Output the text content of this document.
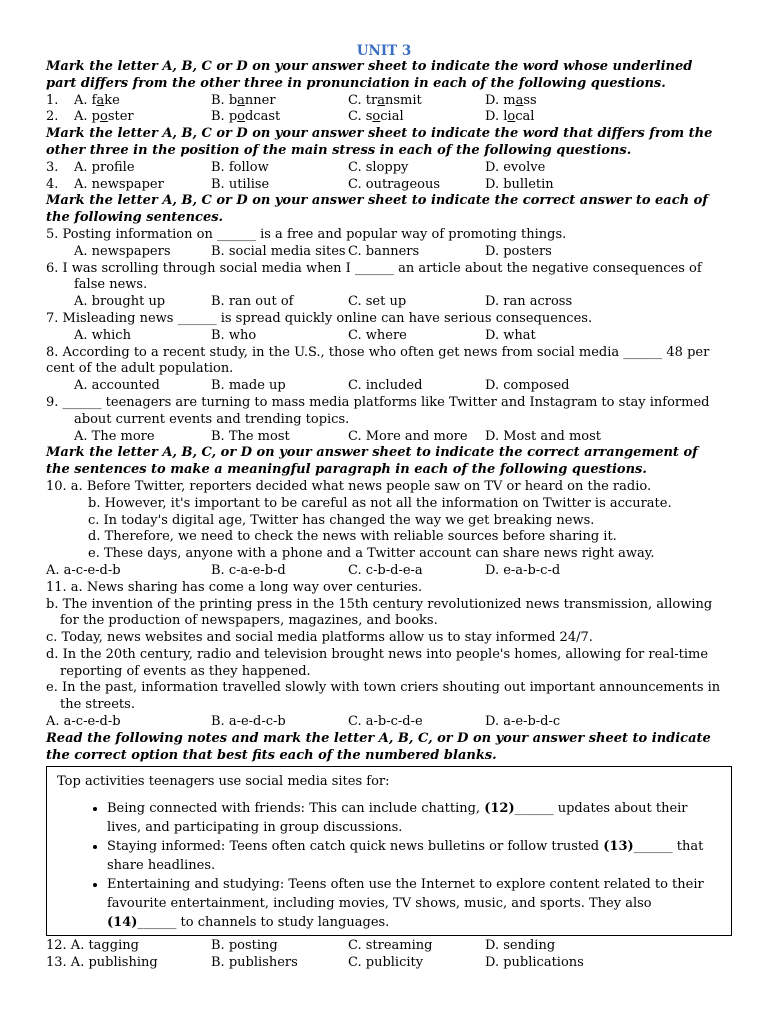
UNIT 3
Mark the letter A, B, C or D on your answer sheet to indicate the word whose underlined part differs from the other three in pronunciation in each of the following questions.
1. A. fake	B. banner	C. transmit	D. mass
2. A. poster	B. podcast	C. social	D. local
Mark the letter A, B, C or D on your answer sheet to indicate the word that differs from the other three in the position of the main stress in each of the following questions.
3. A. profile	B. follow	C. sloppy	D. evolve
4. A. newspaper	B. utilise	C. outrageous	D. bulletin
Mark the letter A, B, C or D on your answer sheet to indicate the correct answer to each of the following sentences.
5. Posting information on ______ is a free and popular way of promoting things.
A. newspapers	B. social media sites C. banners	D. posters
6. I was scrolling through social media when I ______ an article about the negative consequences of false news.
A. brought up	B. ran out of	C. set up	D. ran across
7. Misleading news ______ is spread quickly online can have serious consequences.
A. which	B. who	C. where	D. what
8. According to a recent study, in the U.S., those who often get news from social media ______ 48 per cent of the adult population.
A. accounted	B. made up	C. included	D. composed
9. ______ teenagers are turning to mass media platforms like Twitter and Instagram to stay informed about current events and trending topics.
A. The more	B. The most	C. More and more D. Most and most
Mark the letter A, B, C, or D on your answer sheet to indicate the correct arrangement of the sentences to make a meaningful paragraph in each of the following questions.
10. a. Before Twitter, reporters decided what news people saw on TV or heard on the radio.
b. However, it's important to be careful as not all the information on Twitter is accurate.
c. In today's digital age, Twitter has changed the way we get breaking news.
d. Therefore, we need to check the news with reliable sources before sharing it.
e. These days, anyone with a phone and a Twitter account can share news right away.
A. a-c-e-d-b	B. c-a-e-b-d	C. c-b-d-e-a	D. e-a-b-c-d
11. a. News sharing has come a long way over centuries.
b. The invention of the printing press in the 15th century revolutionized news transmission, allowing for the production of newspapers, magazines, and books.
c. Today, news websites and social media platforms allow us to stay informed 24/7.
d. In the 20th century, radio and television brought news into people's homes, allowing for real-time reporting of events as they happened.
e. In the past, information travelled slowly with town criers shouting out important announcements in the streets.
A. a-c-e-d-b	B. a-e-d-c-b	C. a-b-c-d-e	D. a-e-b-d-c
Read the following notes and mark the letter A, B, C, or D on your answer sheet to indicate the correct option that best fits each of the numbered blanks.
Top activities teenagers use social media sites for:
• Being connected with friends: This can include chatting, (12)______ updates about their lives, and participating in group discussions.
• Staying informed: Teens often catch quick news bulletins or follow trusted (13)______ that share headlines.
• Entertaining and studying: Teens often use the Internet to explore content related to their favourite entertainment, including movies, TV shows, music, and sports. They also (14)______ to channels to study languages.
12. A. tagging	B. posting	C. streaming	D. sending
13. A. publishing	B. publishers	C. publicity	D. publications
